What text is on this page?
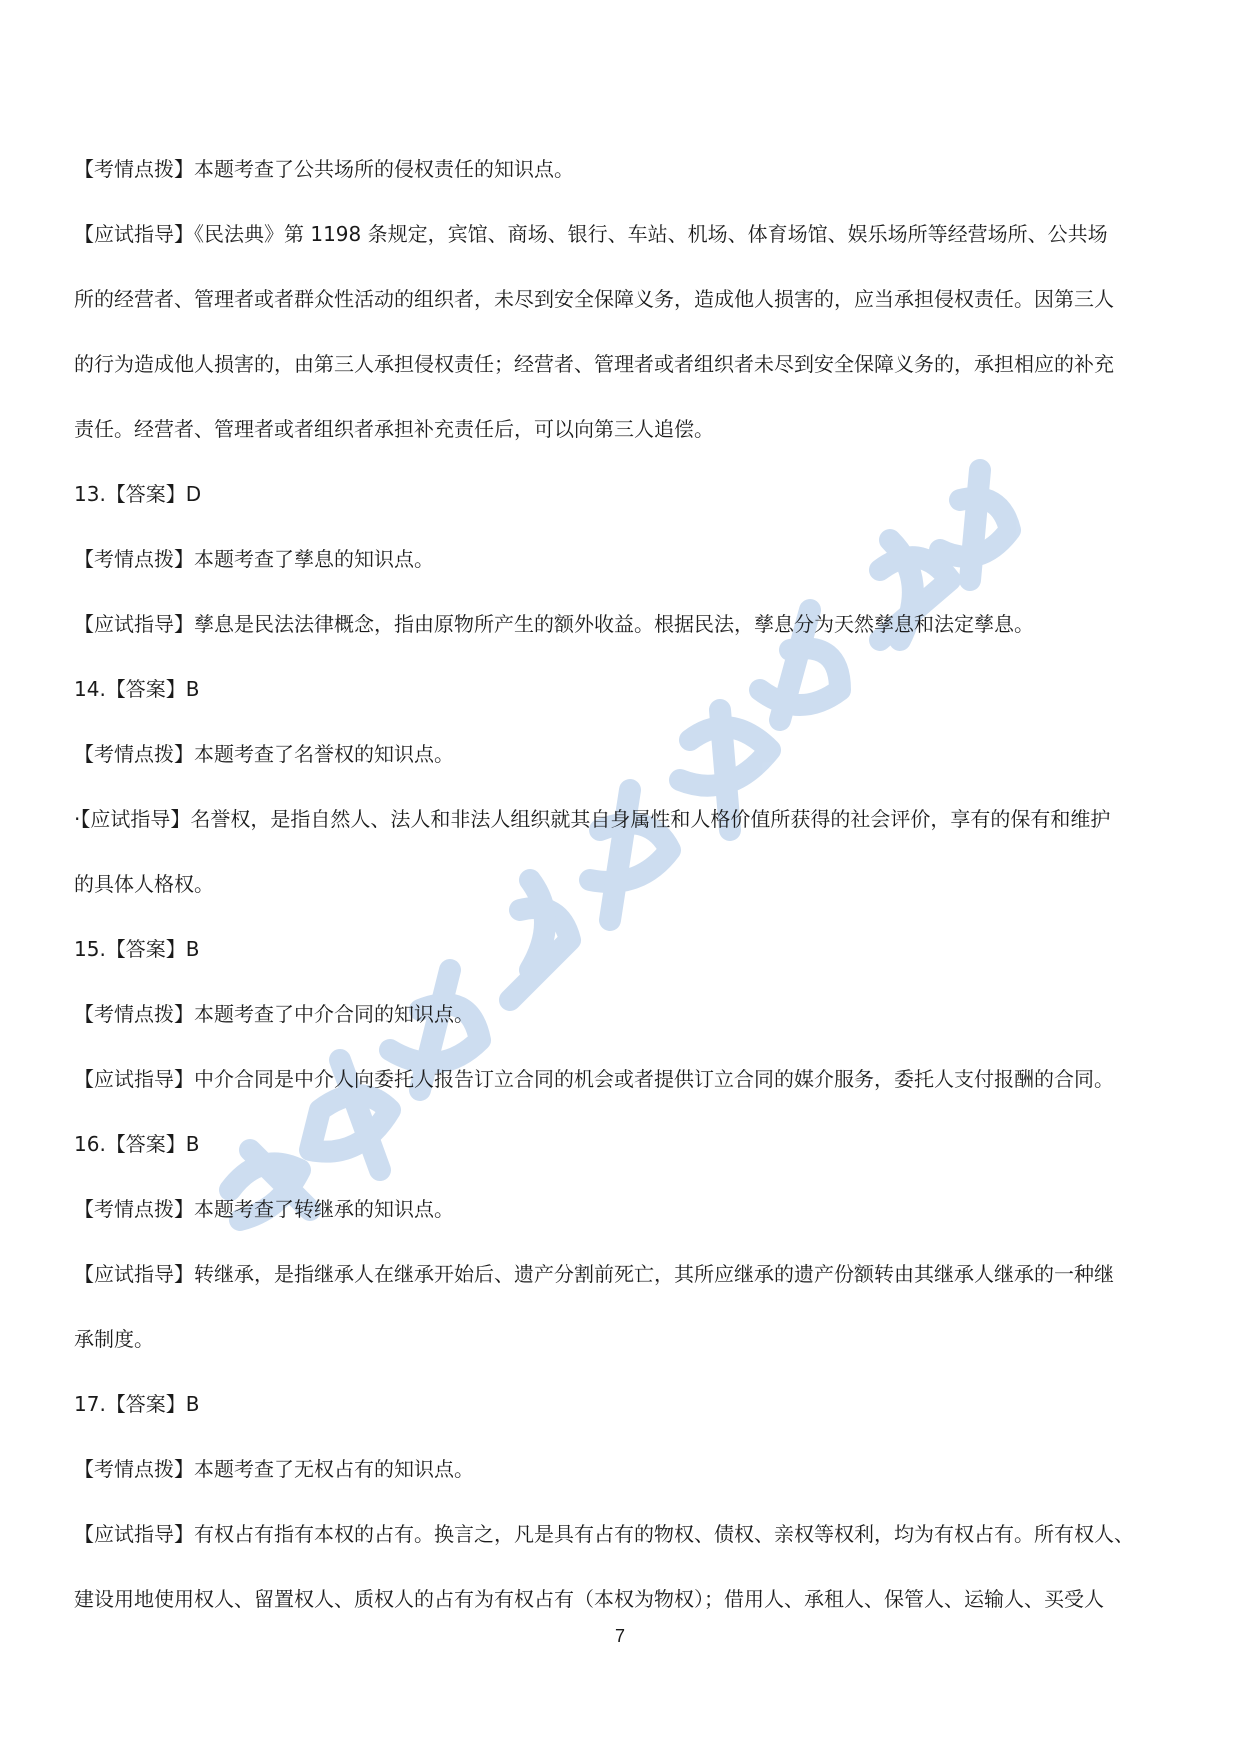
【考情点拨】本题考查了公共场所的侵权责任的知识点。
【应试指导】《民法典》第 1198 条规定，宾馆、商场、银行、车站、机场、体育场馆、娱乐场所等经营场所、公共场
所的经营者、管理者或者群众性活动的组织者，未尽到安全保障义务，造成他人损害的，应当承担侵权责任。因第三人
的行为造成他人损害的，由第三人承担侵权责任；经营者、管理者或者组织者未尽到安全保障义务的，承担相应的补充
责任。经营者、管理者或者组织者承担补充责任后，可以向第三人追偿。
13.【答案】D
【考情点拨】本题考查了孳息的知识点。
【应试指导】孳息是民法法律概念，指由原物所产生的额外收益。根据民法，孳息分为天然孳息和法定孳息。
14.【答案】B
【考情点拨】本题考查了名誉权的知识点。
·【应试指导】名誉权，是指自然人、法人和非法人组织就其自身属性和人格价值所获得的社会评价，享有的保有和维护
的具体人格权。
15.【答案】B
【考情点拨】本题考查了中介合同的知识点。
【应试指导】中介合同是中介人向委托人报告订立合同的机会或者提供订立合同的媒介服务，委托人支付报酬的合同。
16.【答案】B
【考情点拨】本题考查了转继承的知识点。
【应试指导】转继承，是指继承人在继承开始后、遗产分割前死亡，其所应继承的遗产份额转由其继承人继承的一种继
承制度。
17.【答案】B
【考情点拨】本题考查了无权占有的知识点。
【应试指导】有权占有指有本权的占有。换言之，凡是具有占有的物权、债权、亲权等权利，均为有权占有。所有权人、
建设用地使用权人、留置权人、质权人的占有为有权占有（本权为物权）；借用人、承租人、保管人、运输人、买受人
7
